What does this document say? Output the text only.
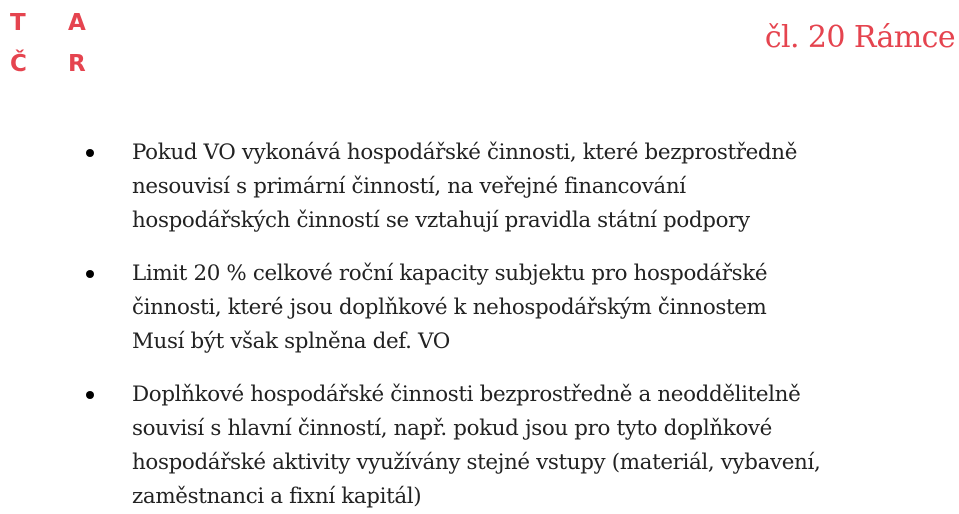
T	A
Č	R
čl. 20 Rámce
Pokud VO vykonává hospodářské činnosti, které bezprostředně
nesouvisí s primární činností, na veřejné financování
hospodářských činností se vztahují pravidla státní podpory
Limit 20 % celkové roční kapacity subjektu pro hospodářské
činnosti, které jsou doplňkové k nehospodářským činnostem
Musí být však splněna def. VO
Doplňkové hospodářské činnosti bezprostředně a neoddělitelně
souvisí s hlavní činností, např. pokud jsou pro tyto doplňkové
hospodářské aktivity využívány stejné vstupy (materiál, vybavení,
zaměstnanci a fixní kapitál)
